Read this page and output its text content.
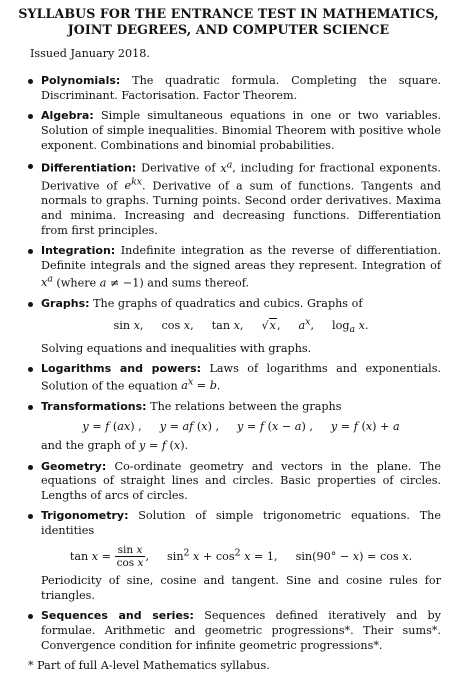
SYLLABUS FOR THE ENTRANCE TEST IN MATHEMATICS,
JOINT DEGREES, AND COMPUTER SCIENCE
Issued January 2018.
Polynomials: The quadratic formula. Completing the square. Discriminant. Factorisation. Factor Theorem.
Algebra: Simple simultaneous equations in one or two variables. Solution of simple inequalities. Binomial Theorem with positive whole exponent. Combinations and binomial probabilities.
Differentiation: Derivative of $x^a$, including for fractional exponents. Derivative of $e^{kx}$. Derivative of a sum of functions. Tangents and normals to graphs. Turning points. Second order derivatives. Maxima and minima. Increasing and decreasing functions. Differentiation from first principles.
Integration: Indefinite integration as the reverse of differentiation. Definite integrals and the signed areas they represent. Integration of $x^a$ (where a ≠ −1) and sums thereof.
Graphs: The graphs of quadratics and cubics. Graphs of
sin x, cos x, tan x, √x, $a^x$, $\log_a x$.
Solving equations and inequalities with graphs.
Logarithms and powers: Laws of logarithms and exponentials. Solution of the equation $a^x = b$.
Transformations: The relations between the graphs
y = f (ax) , y = af (x) , y = f (x − a) , y = f (x) + a
and the graph of y = f (x).
Geometry: Co-ordinate geometry and vectors in the plane. The equations of straight lines and circles. Basic properties of circles. Lengths of arcs of circles.
Trigonometry: Solution of simple trigonometric equations. The identities
$\tan x = \frac{\text{sin x}}{\text{cos x}}$ , $\sin^2 x + \cos^2 x = 1$, sin(90° − x) = cos x.
Periodicity of sine, cosine and tangent. Sine and cosine rules for triangles.
Sequences and series: Sequences defined iteratively and by formulae. Arithmetic and geometric progressions*. Their sums*. Convergence condition for infinite geometric progressions*.
* Part of full A-level Mathematics syllabus.
